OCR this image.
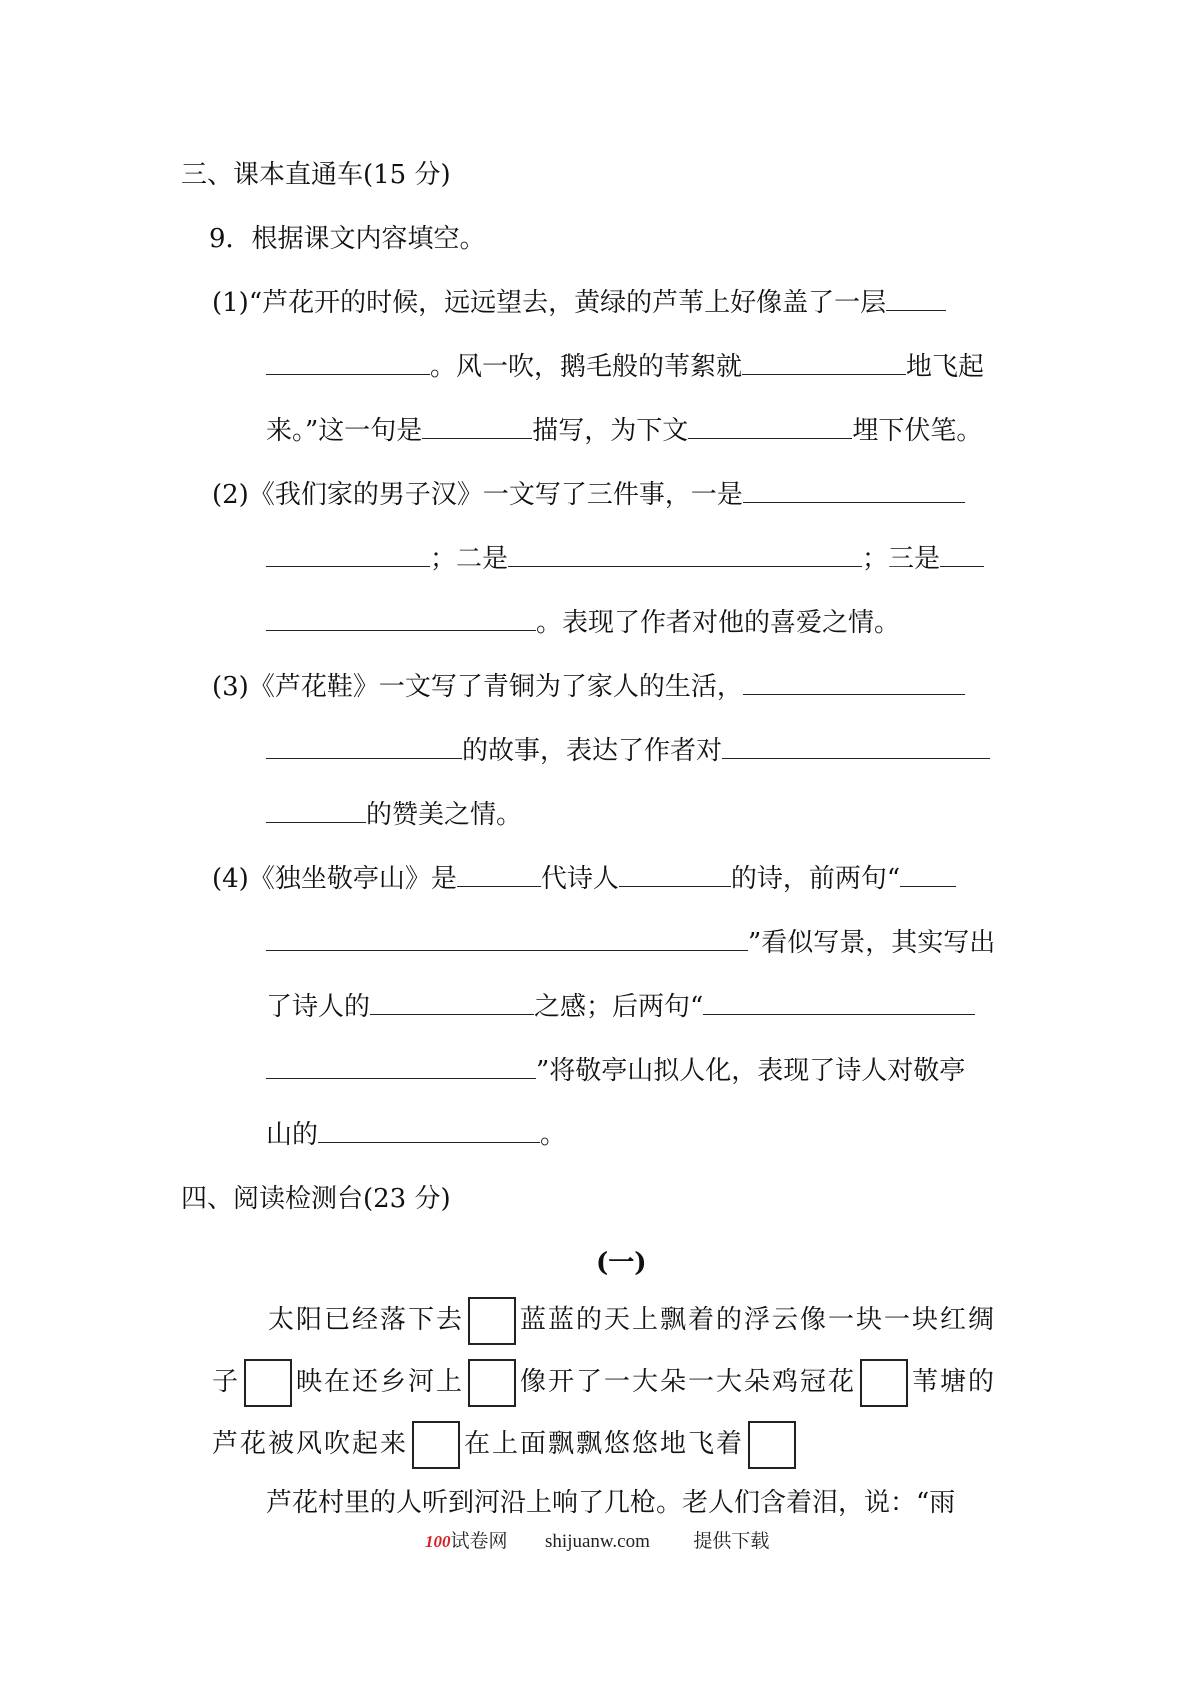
三、课本直通车(15 分)
9．根据课文内容填空。
(1)“芦花开的时候，远远望去，黄绿的芦苇上好像盖了一层
。风一吹，鹅毛般的苇絮就	地飞起
来。”这一句是	描写，为下文	埋下伏笔。
(2)《我们家的男子汉》一文写了三件事，一是
；二是	；三是
。表现了作者对他的喜爱之情。
(3)《芦花鞋》一文写了青铜为了家人的生活，
的故事，表达了作者对
的赞美之情。
(4)《独坐敬亭山》是	代诗人	的诗，前两句“
”看似写景，其实写出
了诗人的	之感；后两句“
”将敬亭山拟人化，表现了诗人对敬亭
山的	。
四、阅读检测台(23 分)
(一)
太阳已经落下去 蓝蓝的天上飘着的浮云像一块一块红绸
子 映在还乡河上 像开了一大朵一大朵鸡冠花 苇塘的
芦花被风吹起来 在上面飘飘悠悠地飞着
芦花村里的人听到河沿上响了几枪。老人们含着泪，说：“雨
100试卷网 shijuanw.com 提供下载
